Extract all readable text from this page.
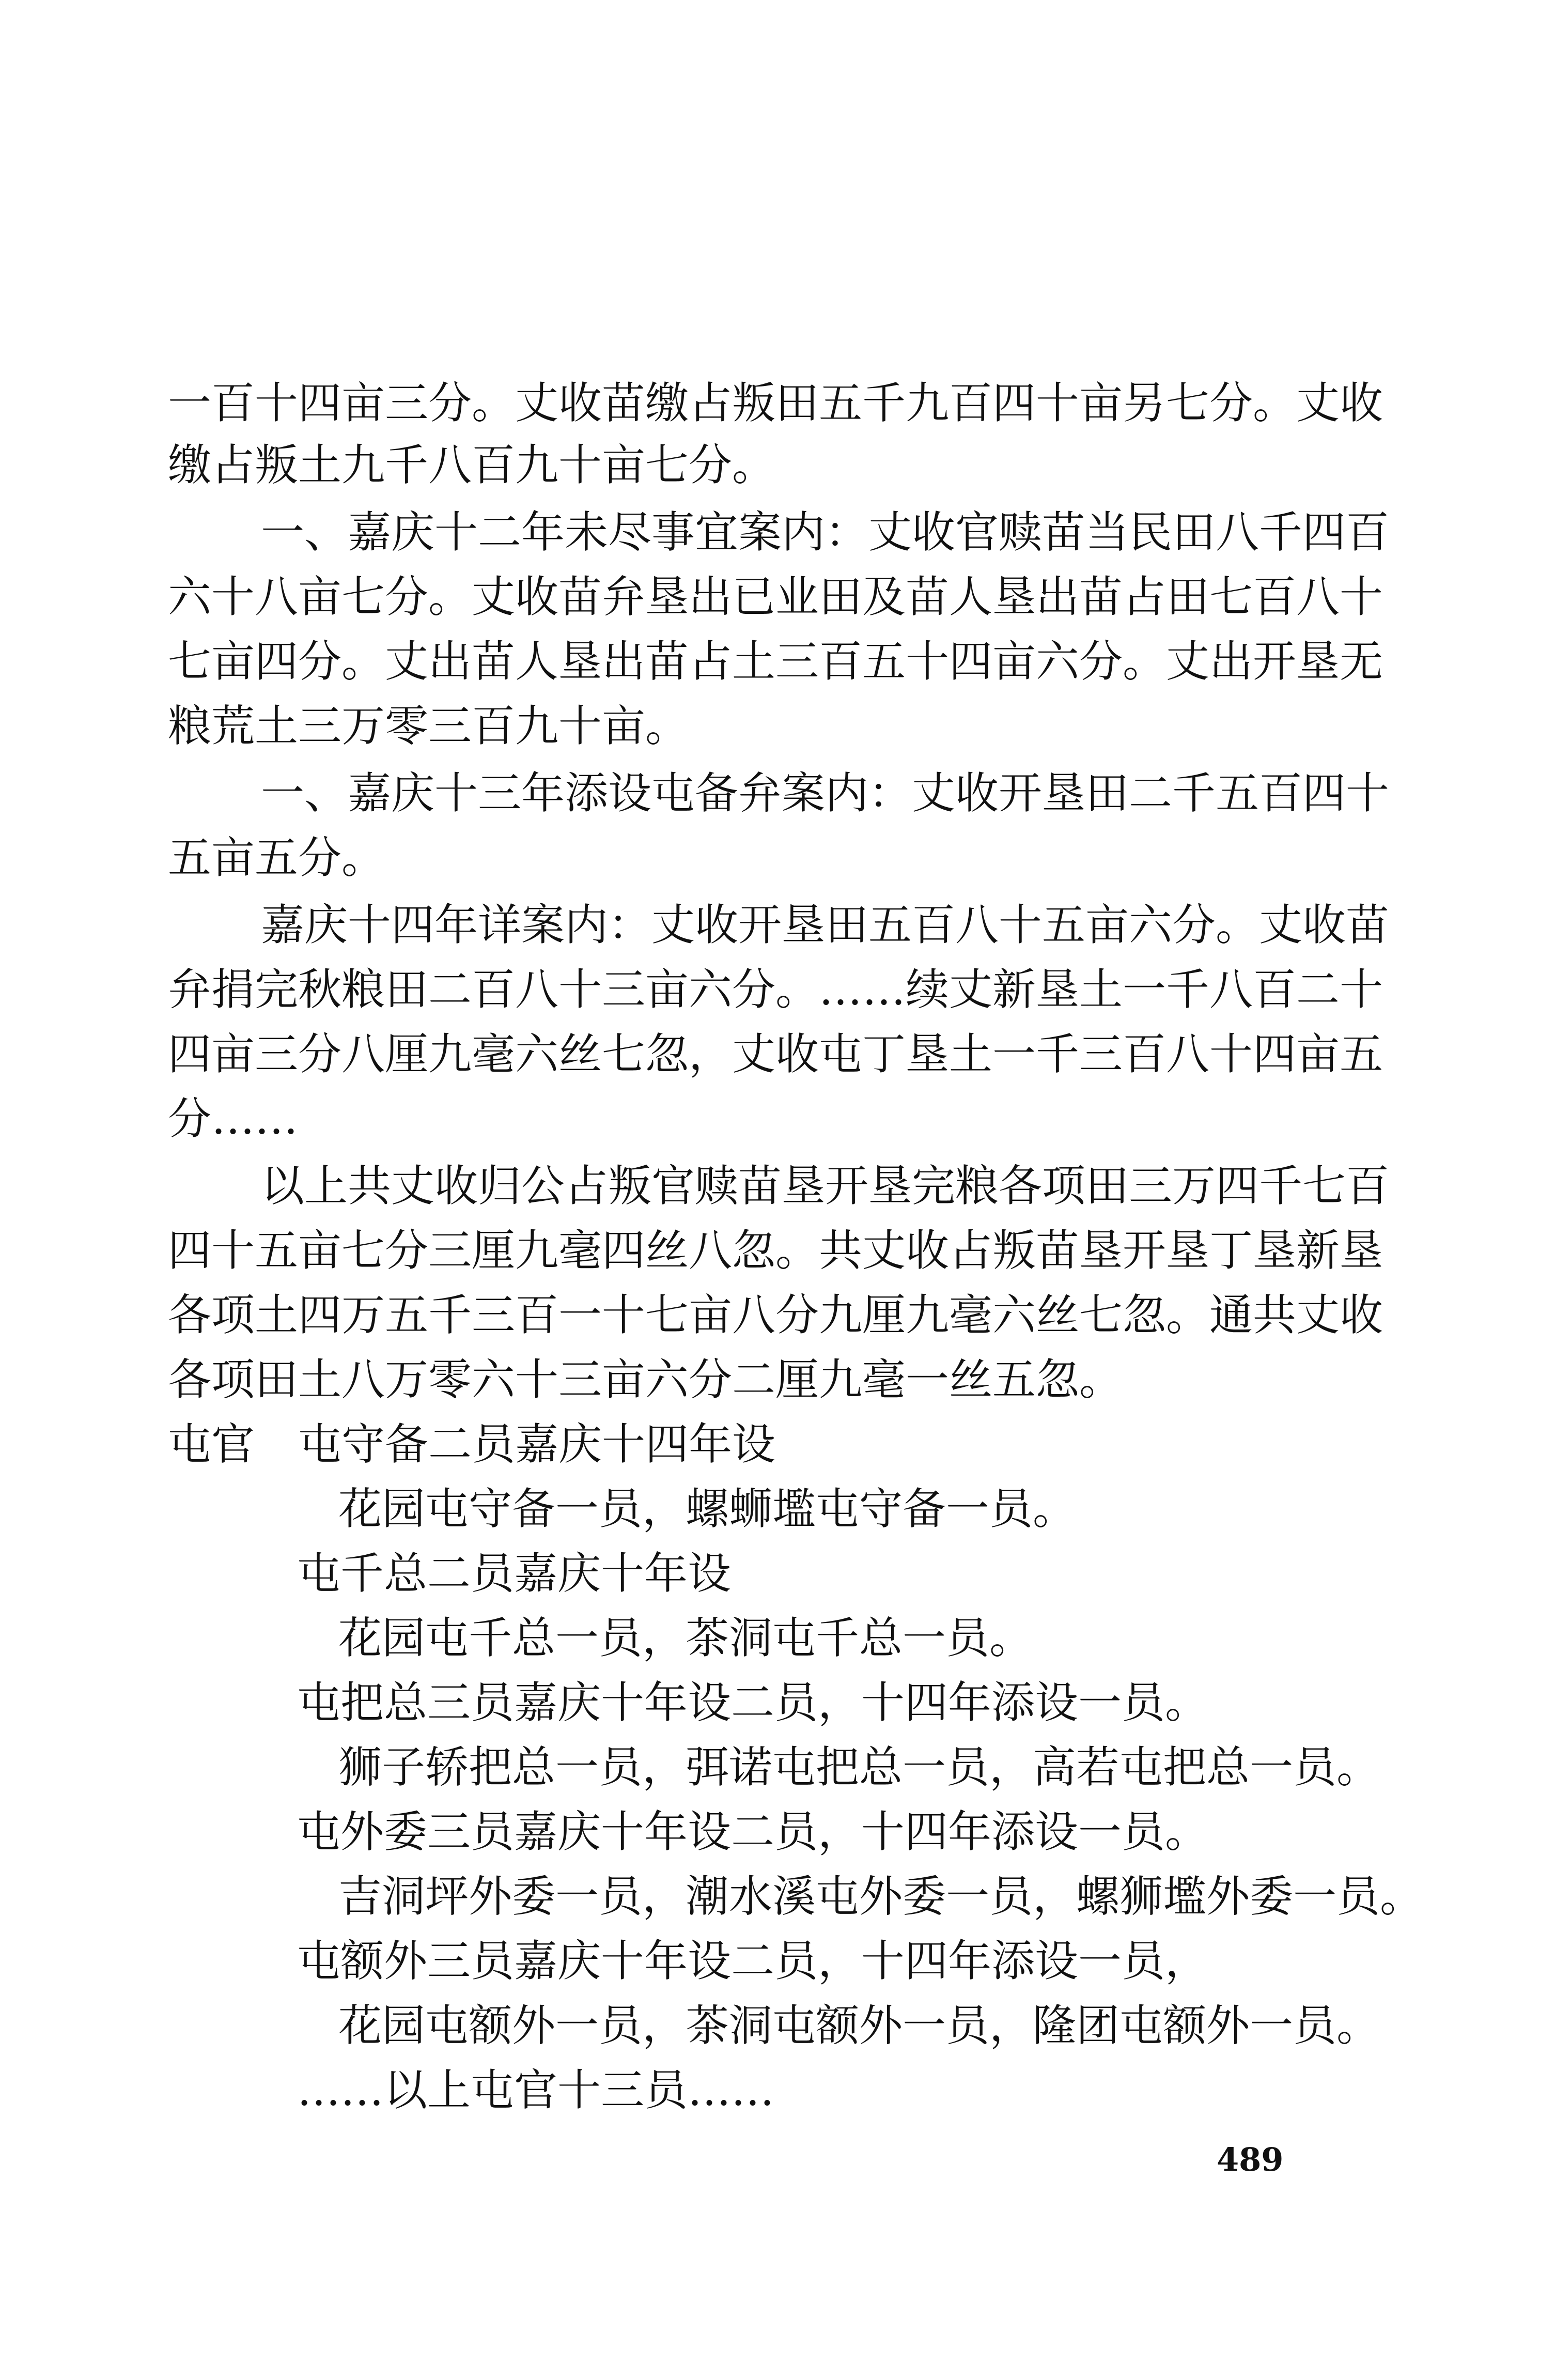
一百十四亩三分。丈收苗缴占叛田五千九百四十亩另七分。丈收
缴占叛土九千八百九十亩七分。
一、嘉庆十二年未尽事宜案内：丈收官赎苗当民田八千四百
六十八亩七分。丈收苗弁垦出已业田及苗人垦出苗占田七百八十
七亩四分。丈出苗人垦出苗占土三百五十四亩六分。丈出开垦无
粮荒土三万零三百九十亩。
一、嘉庆十三年添设屯备弁案内：丈收开垦田二千五百四十
五亩五分。
嘉庆十四年详案内：丈收开垦田五百八十五亩六分。丈收苗
弁捐完秋粮田二百八十三亩六分。……续丈新垦土一千八百二十
四亩三分八厘九毫六丝七忽，丈收屯丁垦土一千三百八十四亩五
分……
以上共丈收归公占叛官赎苗垦开垦完粮各项田三万四千七百
四十五亩七分三厘九毫四丝八忽。共丈收占叛苗垦开垦丁垦新垦
各项土四万五千三百一十七亩八分九厘九毫六丝七忽。通共丈收
各项田土八万零六十三亩六分二厘九毫一丝五忽。
屯官　屯守备二员嘉庆十四年设
花园屯守备一员，螺蛳壏屯守备一员。
屯千总二员嘉庆十年设
花园屯千总一员，茶洞屯千总一员。
屯把总三员嘉庆十年设二员，十四年添设一员。
狮子轿把总一员，弭诺屯把总一员，高若屯把总一员。
屯外委三员嘉庆十年设二员，十四年添设一员。
吉洞坪外委一员，潮水溪屯外委一员，螺狮壏外委一员。
屯额外三员嘉庆十年设二员，十四年添设一员，
花园屯额外一员，茶洞屯额外一员，隆团屯额外一员。
……以上屯官十三员……
489
